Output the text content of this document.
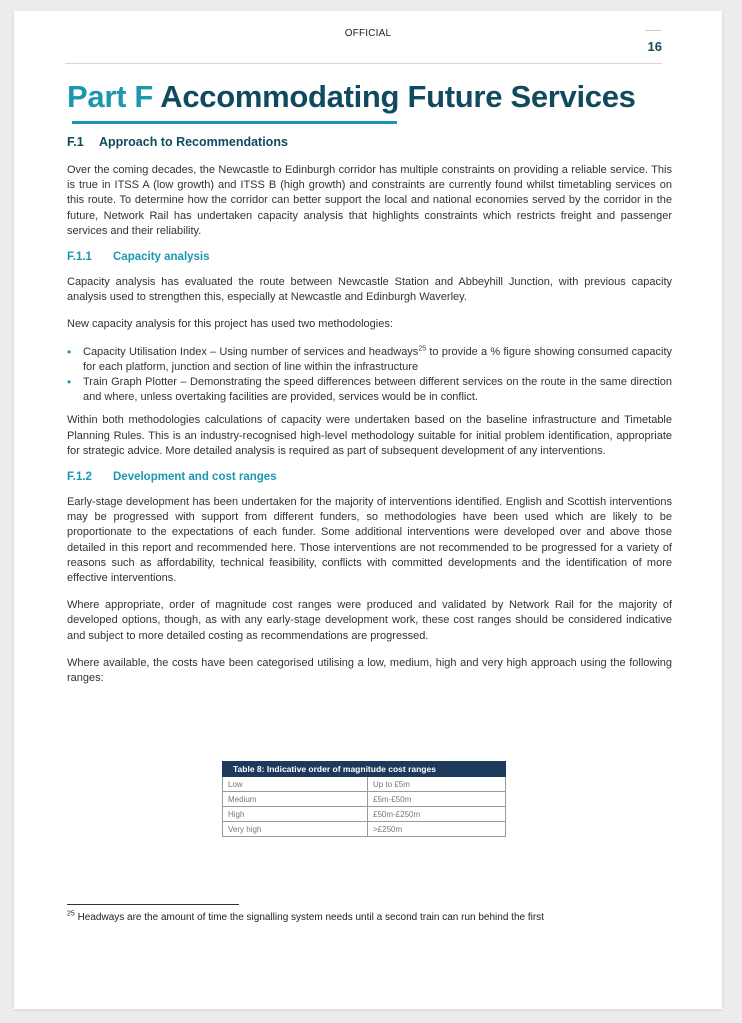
OFFICIAL
16
Part F Accommodating Future Services
F.1 Approach to Recommendations

Over the coming decades, the Newcastle to Edinburgh corridor has multiple constraints on providing a reliable service. This is true in ITSS A (low growth) and ITSS B (high growth) and constraints are currently found whilst timetabling services on this route. To determine how the corridor can better support the local and national economies served by the corridor in the future, Network Rail has undertaken capacity analysis that highlights constraints which restricts freight and passenger services and their reliability.

F.1.1 Capacity analysis

Capacity analysis has evaluated the route between Newcastle Station and Abbeyhill Junction, with previous capacity analysis used to strengthen this, especially at Newcastle and Edinburgh Waverley.

New capacity analysis for this project has used two methodologies:

• Capacity Utilisation Index – Using number of services and headways$^{25}$ to provide a % figure showing consumed capacity for each platform, junction and section of line within the infrastructure
• Train Graph Plotter – Demonstrating the speed differences between different services on the route in the same direction and where, unless overtaking facilities are provided, services would be in conflict.

Within both methodologies calculations of capacity were undertaken based on the baseline infrastructure and Timetable Planning Rules. This is an industry-recognised high-level methodology suitable for initial problem identification, appropriate for strategic advice. More detailed analysis is required as part of subsequent development of any interventions.

F.1.2 Development and cost ranges

Early-stage development has been undertaken for the majority of interventions identified. English and Scottish interventions may be progressed with support from different funders, so methodologies have been used which are likely to be proportionate to the expectations of each funder. Some additional interventions were developed over and above those detailed in this report and recommended here. Those interventions are not recommended to be progressed for a variety of reasons such as affordability, technical feasibility, conflicts with committed developments and the identification of more effective interventions.

Where appropriate, order of magnitude cost ranges were produced and validated by Network Rail for the majority of developed options, though, as with any early-stage development work, these cost ranges should be considered indicative and subject to more detailed costing as recommendations are progressed.

Where available, the costs have been categorised utilising a low, medium, high and very high approach using the following ranges:

Table 8: Indicative order of magnitude cost ranges	
Low	Up to £5m
Medium	£5m-£50m
High	£50m-£250m
Very high	>£250m
$^{25}$ Headways are the amount of time the signalling system needs until a second train can run behind the first
